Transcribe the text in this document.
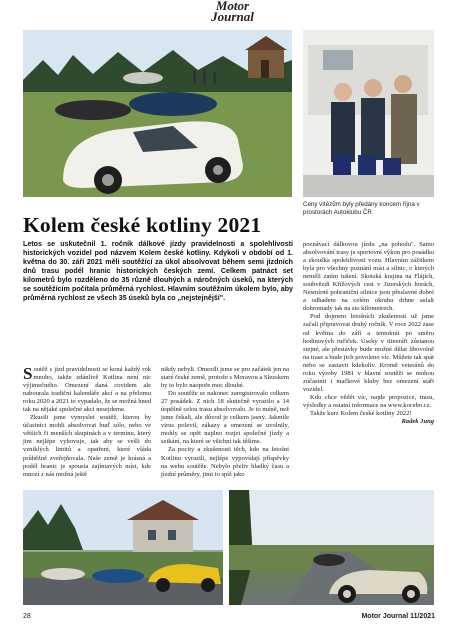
Motor
Journal
Ceny vítězům byly předány koncem října v prostorách Autoklubu ČR
Kolem české kotliny 2021
Letos se uskutečnil 1. ročník dálkové jízdy pravidelnosti a spolehlivosti historických vozidel pod názvem Kolem české kotliny. Kdykoli v období od 1. května do 30. září 2021 měli soutěžící za úkol absolvovat během semi jízdních dnů trasu podél hranic historických českých zemí. Celkem patnáct set kilometrů bylo rozděleno do 35 různě dlouhých a náročných úseků, na kterých se soutěžícím počítala průměrná rychlost. Hlavním soutěžním úkolem bylo, aby průměrná rychlost ze všech 35 úseků byla co „nejstejnější".

Soutěž s jízd pravidelnosti se koná každý rok mnoho, takže zdánlivě Kotlina není nic výjimečného. Omezení daná covidem ale nabourala tradiční kalendáře akcí a na přelomu roku 2020 a 2021 to vypadalo, že se možná hned tak na nějaké společné akci nesejdeme.

Zkusili jsme vymyslet soutěž, kterou by účastníci mohli absolvovat buď sólo, nebo ve větších či menších skupinách a v termínu, který jim nejlépe vyhovuje, tak aby se vešli do vzniklých limitů a opatření, které vláda průběžně zveřejňovala. Naše země je krásná a podél hranic je spousta zajímavých míst, kde mnozí z nás možná ještě

nikdy nebyli. Omezili jsme se pro začátek jen na staré české země, protože s Moravou a Slezskem by to bylo naopoře moc dlouhé.

Do soutěže se nakonec zaregistrovalo celkem 27 posádek. Z nich 18 skutečně vyrazilo a 14 úspěšně celou trasu absolvovalo. Je to méně, než jsme čekali, ale důvod je celkem jasný. Jakmile virus polevil, zákazy a omezení se uvolnily, mohly se opět naplno rozjet společné jízdy a setkání, na které se všichni tak těšíme.

Za pocity a zkušenosti těch, kdo na letošní Kotlinu vyrazili, nejlépe vypovídají příspěvky na webu soutěže. Nebylo přeliv hladký času a jízdní průměry, jimi to spíš jako

poznávací dálkovou jízdu „na pohodu". Samo absolvování trasy je sportovní výkon pro posádku a zkouška spolehlivosti vozu. Hlavním zážitkem byla pro všechny poznání míst a silnic, o kterých neměli zatím tušení. Skotská krajina na Flájích, souhvězdí Křížových cest v Jizerských horách, Nesmírné pohraniční silnice jsou přeslavné dobré a odhadem na celém okruhu drhne asfalt dohromady tak na sto kilometrech.

Pod dojmem letošních zkušeností už jsme začali připravovat druhý ročník. V roce 2022 zase od května do září a tentokrát po směru hodinových ručiček. Úseky v itineráři zůstanou stejné, ale přestávky bude možné dělat libovolně na trase a bude jich povoleno víc. Můžete tak spát nebo se zastavit kdekoliv. Kromě veteránů do roku výroby 1981 v hlavní soutěži se mohou zúčastnit i mačkové kluby bez omezení stáří vozidel.

Kdo chce vědět víc, najde propozice, trasu, výsledky a ostatní informace na www.kocebo.cz.

Takže kurz Kolem české kotliny 2022!

Radek Jung

28	Motor Journal 11/2021
